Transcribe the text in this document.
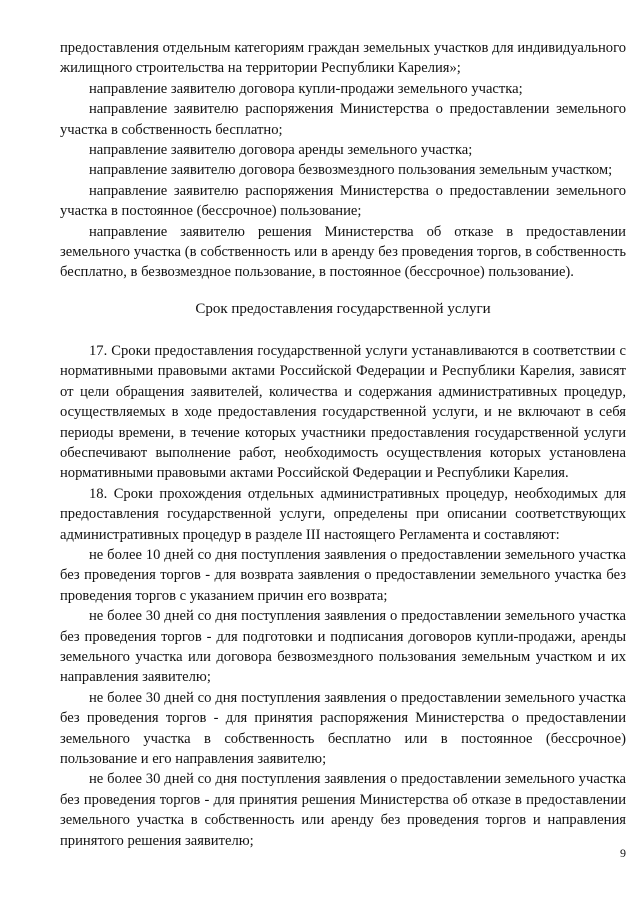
предоставления отдельным категориям граждан земельных участков для индивидуального жилищного строительства на территории Республики Карелия»;

направление заявителю договора купли-продажи земельного участка;

направление заявителю распоряжения Министерства о предоставлении земельного участка в собственность бесплатно;

направление заявителю договора аренды земельного участка;

направление заявителю договора безвозмездного пользования земельным участком;

направление заявителю распоряжения Министерства о предоставлении земельного участка в постоянное (бессрочное) пользование;

направление заявителю решения Министерства об отказе в предоставлении земельного участка (в собственность или в аренду без проведения торгов, в собственность бесплатно, в безвозмездное пользование, в постоянное (бессрочное) пользование).

Срок предоставления государственной услуги

17. Сроки предоставления государственной услуги устанавливаются в соответствии с нормативными правовыми актами Российской Федерации и Республики Карелия, зависят от цели обращения заявителей, количества и содержания административных процедур, осуществляемых в ходе предоставления государственной услуги, и не включают в себя периоды времени, в течение которых участники предоставления государственной услуги обеспечивают выполнение работ, необходимость осуществления которых установлена нормативными правовыми актами Российской Федерации и Республики Карелия.

18. Сроки прохождения отдельных административных процедур, необходимых для предоставления государственной услуги, определены при описании соответствующих административных процедур в разделе III настоящего Регламента и составляют:

не более 10 дней со дня поступления заявления о предоставлении земельного участка без проведения торгов - для возврата заявления о предоставлении земельного участка без проведения торгов с указанием причин его возврата;

не более 30 дней со дня поступления заявления о предоставлении земельного участка без проведения торгов - для подготовки и подписания договоров купли-продажи, аренды земельного участка или договора безвозмездного пользования земельным участком и их направления заявителю;

не более 30 дней со дня поступления заявления о предоставлении земельного участка без проведения торгов - для принятия распоряжения Министерства о предоставлении земельного участка в собственность бесплатно или в постоянное (бессрочное) пользование и его направления заявителю;

не более 30 дней со дня поступления заявления о предоставлении земельного участка без проведения торгов - для принятия решения Министерства об отказе в предоставлении земельного участка в собственность или аренду без проведения торгов и направления принятого решения заявителю;

9
